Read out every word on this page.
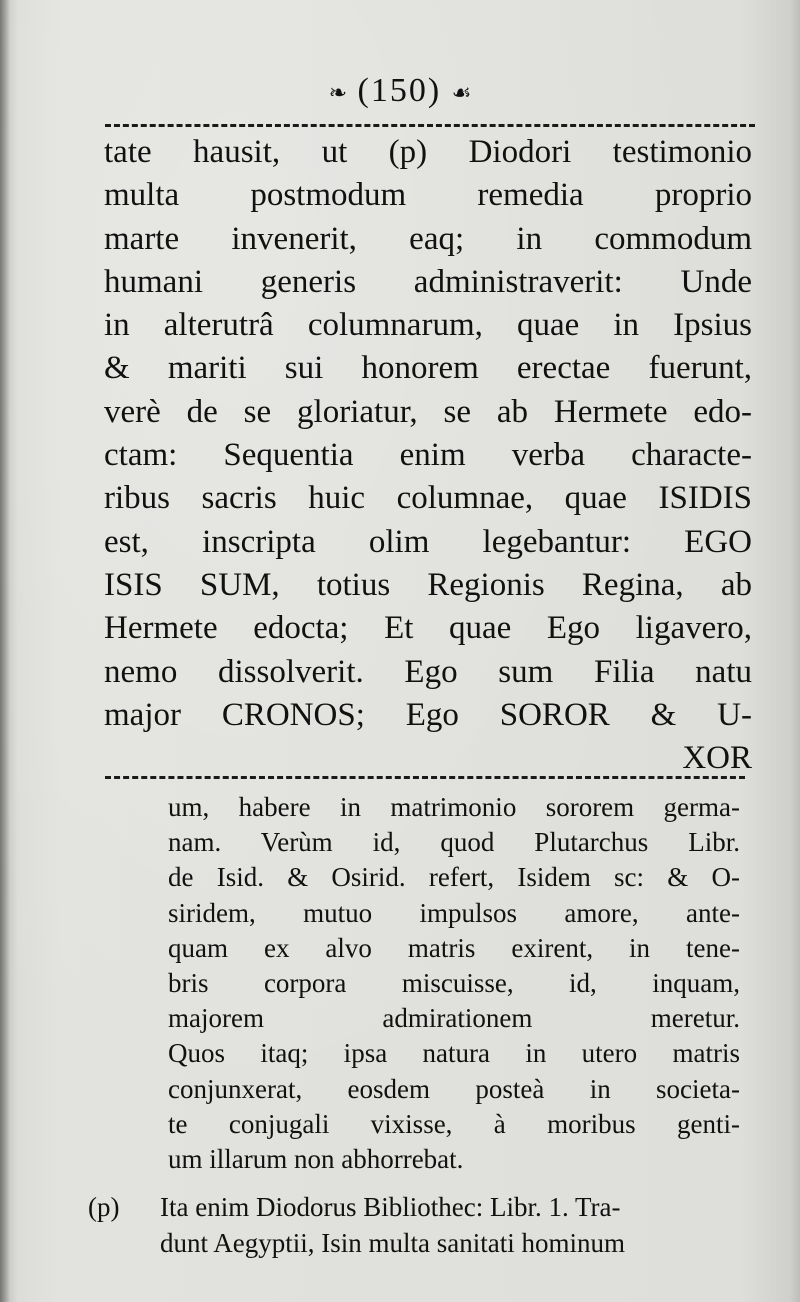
❧ (150) ☙
tate hausit, ut (p) Diodori testimonio
multa postmodum remedia proprio
marte invenerit, eaq; in commodum
humani generis administraverit: Unde
in alterutrâ columnarum, quae in Ipsius
& mariti sui honorem erectae fuerunt,
verè de se gloriatur, se ab Hermete edo-
ctam: Sequentia enim verba characte-
ribus sacris huic columnae, quae ISIDIS
est, inscripta olim legebantur: EGO
ISIS SUM, totius Regionis Regina, ab
Hermete edocta; Et quae Ego ligavero,
nemo dissolverit. Ego sum Filia natu
major CRONOS; Ego SOROR & U-
XOR
um, habere in matrimonio sororem germa-
nam. Verùm id, quod Plutarchus Libr.
de Isid. & Osirid. refert, Isidem sc: & O-
siridem, mutuo impulsos amore, ante-
quam ex alvo matris exirent, in tene-
bris corpora miscuisse, id, inquam,
majorem admirationem meretur.
Quos itaq; ipsa natura in utero matris
conjunxerat, eosdem posteà in societa-
te conjugali vixisse, à moribus genti-
um illarum non abhorrebat.
(p) Ita enim Diodorus Bibliothec: Libr. 1. Tra-
dunt Aegyptii, Isin multa sanitati hominum
